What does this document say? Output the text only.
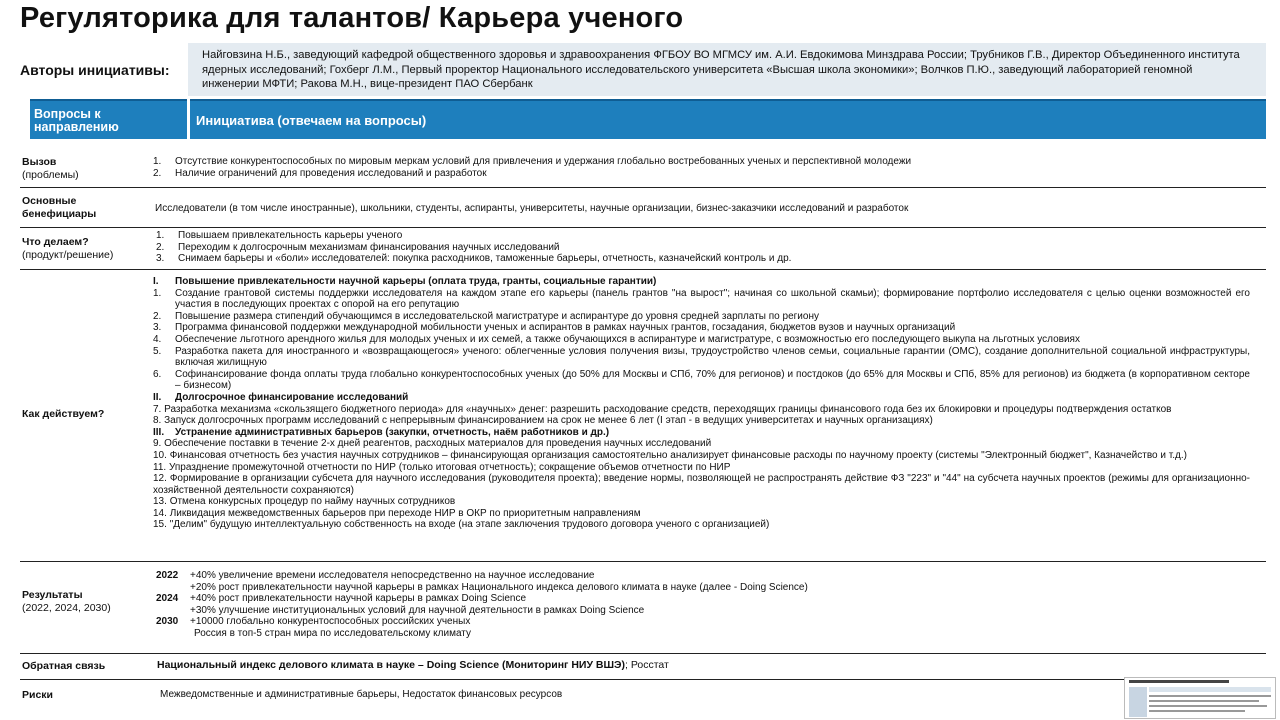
Регуляторика для талантов/ Карьера ученого
Авторы инициативы:
Найговзина Н.Б., заведующий кафедрой общественного здоровья и здравоохранения ФГБОУ ВО МГМСУ им. А.И. Евдокимова Минздрава России; Трубников Г.В., Директор Объединенного института ядерных исследований; Гохберг Л.М., Первый проректор Национального исследовательского университета «Высшая школа экономики»; Волчков П.Ю., заведующий лабораторией геномной инженерии МФТИ; Ракова М.Н., вице-президент ПАО Сбербанк
Вопросы к направлению	Инициатива (отвечаем на вопросы)
Вызов
(проблемы)
1.	Отсутствие конкурентоспособных по мировым меркам условий для привлечения и удержания глобально востребованных ученых и перспективной молодежи
2.	Наличие ограничений для проведения исследований и разработок
Основные
бенефициары	Исследователи (в том числе иностранные), школьники, студенты, аспиранты, университеты, научные организации, бизнес-заказчики исследований и разработок
Что делаем?
(продукт/решение)
1.	Повышаем привлекательность карьеры ученого
2.	Переходим к долгосрочным механизмам финансирования научных исследований
3.	Снимаем барьеры и «боли» исследователей: покупка расходников, таможенные барьеры, отчетность, казначейский контроль и др.
Как действуем?
I.	Повышение привлекательности научной карьеры (оплата труда, гранты, социальные гарантии)
1.	Создание грантовой системы поддержки исследователя на каждом этапе его карьеры (панель грантов "на вырост"; начиная со школьной скамьи); формирование портфолио исследователя с целью оценки возможностей его участия в последующих проектах с опорой на его репутацию
2.	Повышение размера стипендий обучающимся в исследовательской магистратуре и аспирантуре до уровня средней зарплаты по региону
3.	Программа финансовой поддержки международной мобильности ученых и аспирантов в рамках научных грантов, госзадания, бюджетов вузов и научных организаций
4.	Обеспечение льготного арендного жилья для молодых ученых и их семей, а также обучающихся в аспирантуре и магистратуре, с возможностью его последующего выкупа на льготных условиях
5.	Разработка пакета для иностранного и «возвращающегося» ученого: облегченные условия получения визы, трудоустройство членов семьи, социальные гарантии (ОМС), создание дополнительной социальной инфраструктуры, включая жилищную
6.	Софинансирование фонда оплаты труда глобально конкурентоспособных ученых (до 50% для Москвы и СПб, 70% для регионов) и постдоков (до 65% для Москвы и СПб, 85% для регионов) из бюджета (в корпоративном секторе – бизнесом)
II.	Долгосрочное финансирование исследований
7. Разработка механизма «скользящего бюджетного периода» для «научных» денег: разрешить расходование средств, переходящих границы финансового года без их блокировки и процедуры подтверждения остатков
8. Запуск долгосрочных программ исследований с непрерывным финансированием на срок не менее 6 лет (I этап - в ведущих университетах и научных организациях)
III.	Устранение административных барьеров (закупки, отчетность, наём работников и др.)
9. Обеспечение поставки в течение 2-х дней реагентов, расходных материалов для проведения научных исследований
10. Финансовая отчетность без участия научных сотрудников – финансирующая организация самостоятельно анализирует финансовые расходы по научному проекту (системы "Электронный бюджет", Казначейство и т.д.)
11. Упразднение промежуточной отчетности по НИР (только итоговая отчетность); сокращение объемов отчетности по НИР
12. Формирование в организации субсчета для научного исследования (руководителя проекта); введение нормы, позволяющей не распространять действие ФЗ "223" и "44" на субсчета научных проектов (режимы для организационно-хозяйственной деятельности сохраняются)
13. Отмена конкурсных процедур по найму научных сотрудников
14. Ликвидация межведомственных барьеров при переходе НИР в ОКР по приоритетным направлениям
15. "Делим" будущую интеллектуальную собственность на входе (на этапе заключения трудового договора ученого с организацией)
Результаты
(2022, 2024, 2030)
2022	+40% увеличение времени исследователя непосредственно на научное исследование
+20% рост привлекательности научной карьеры в рамках Национального индекса делового климата в науке (далее - Doing Science)
2024	+40% рост привлекательности научной карьеры в рамках Doing Science
+30% улучшение институциональных условий для научной деятельности в рамках Doing Science
2030	+10000 глобально конкурентоспособных российских ученых
Россия в топ-5 стран мира по исследовательскому климату
Обратная связь	Национальный индекс делового климата в науке – Doing Science (Мониторинг НИУ ВШЭ); Росстат
Риски	Межведомственные и административные барьеры, Недостаток финансовых ресурсов
